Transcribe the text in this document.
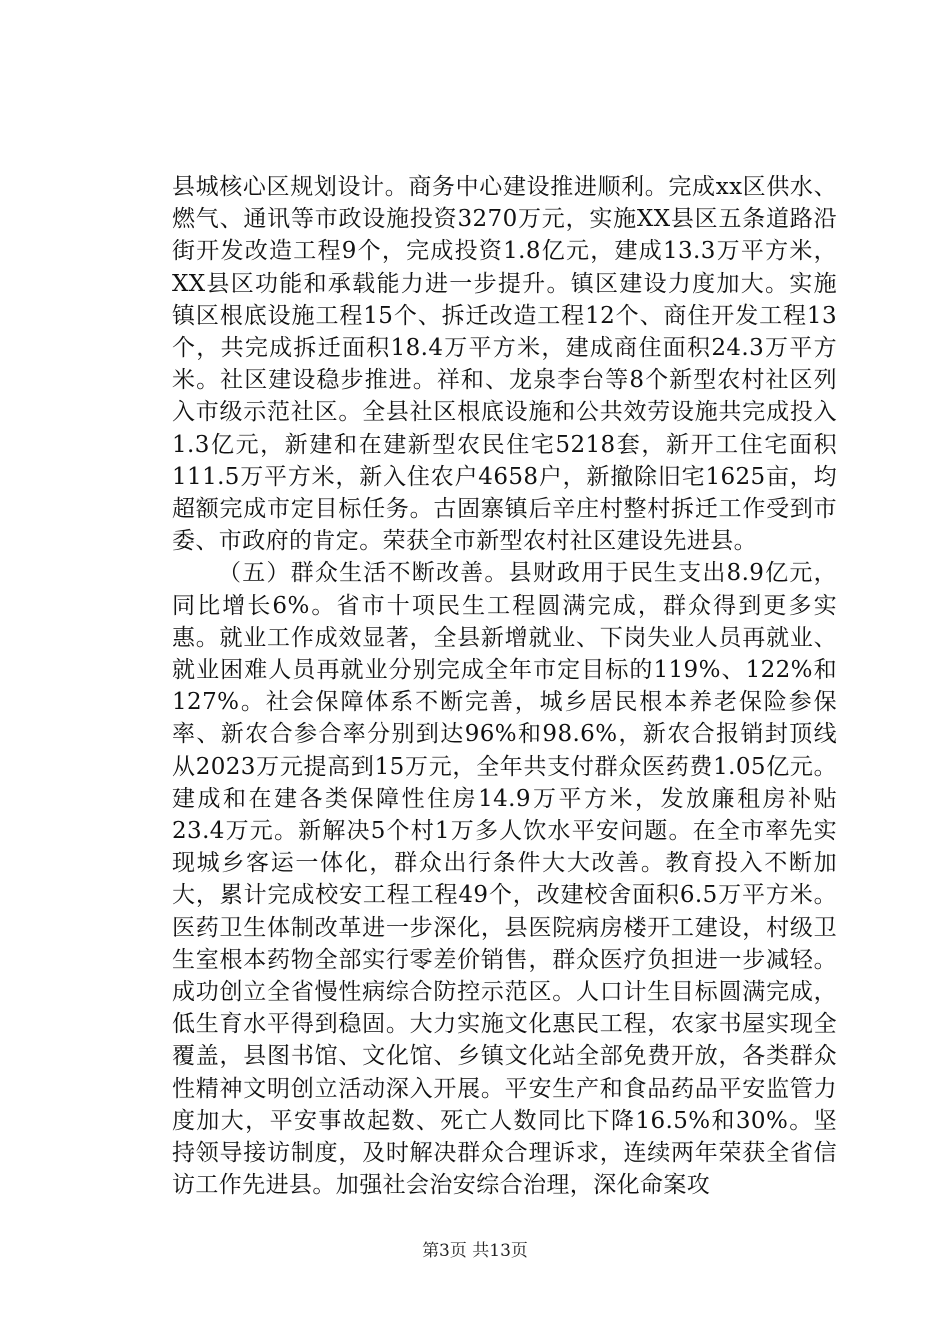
县城核心区规划设计。商务中心建设推进顺利。完成xx区供水、燃气、通讯等市政设施投资3270万元，实施XX县区五条道路沿街开发改造工程9个，完成投资1.8亿元，建成13.3万平方米，XX县区功能和承载能力进一步提升。镇区建设力度加大。实施镇区根底设施工程15个、拆迁改造工程12个、商住开发工程13个，共完成拆迁面积18.4万平方米，建成商住面积24.3万平方米。社区建设稳步推进。祥和、龙泉李台等8个新型农村社区列入市级示范社区。全县社区根底设施和公共效劳设施共完成投入1.3亿元，新建和在建新型农民住宅5218套，新开工住宅面积111.5万平方米，新入住农户4658户，新撤除旧宅1625亩，均超额完成市定目标任务。古固寨镇后辛庄村整村拆迁工作受到市委、市政府的肯定。荣获全市新型农村社区建设先进县。

（五）群众生活不断改善。县财政用于民生支出8.9亿元，同比增长6%。省市十项民生工程圆满完成，群众得到更多实惠。就业工作成效显著，全县新增就业、下岗失业人员再就业、就业困难人员再就业分别完成全年市定目标的119%、122%和127%。社会保障体系不断完善，城乡居民根本养老保险参保率、新农合参合率分别到达96%和98.6%，新农合报销封顶线从2023万元提高到15万元，全年共支付群众医药费1.05亿元。建成和在建各类保障性住房14.9万平方米，发放廉租房补贴23.4万元。新解决5个村1万多人饮水平安问题。在全市率先实现城乡客运一体化，群众出行条件大大改善。教育投入不断加大，累计完成校安工程工程49个，改建校舍面积6.5万平方米。医药卫生体制改革进一步深化，县医院病房楼开工建设，村级卫生室根本药物全部实行零差价销售，群众医疗负担进一步减轻。成功创立全省慢性病综合防控示范区。人口计生目标圆满完成，低生育水平得到稳固。大力实施文化惠民工程，农家书屋实现全覆盖，县图书馆、文化馆、乡镇文化站全部免费开放，各类群众性精神文明创立活动深入开展。平安生产和食品药品平安监管力度加大，平安事故起数、死亡人数同比下降16.5%和30%。坚持领导接访制度，及时解决群众合理诉求，连续两年荣获全省信访工作先进县。加强社会治安综合治理，深化命案攻

第3页 共13页
